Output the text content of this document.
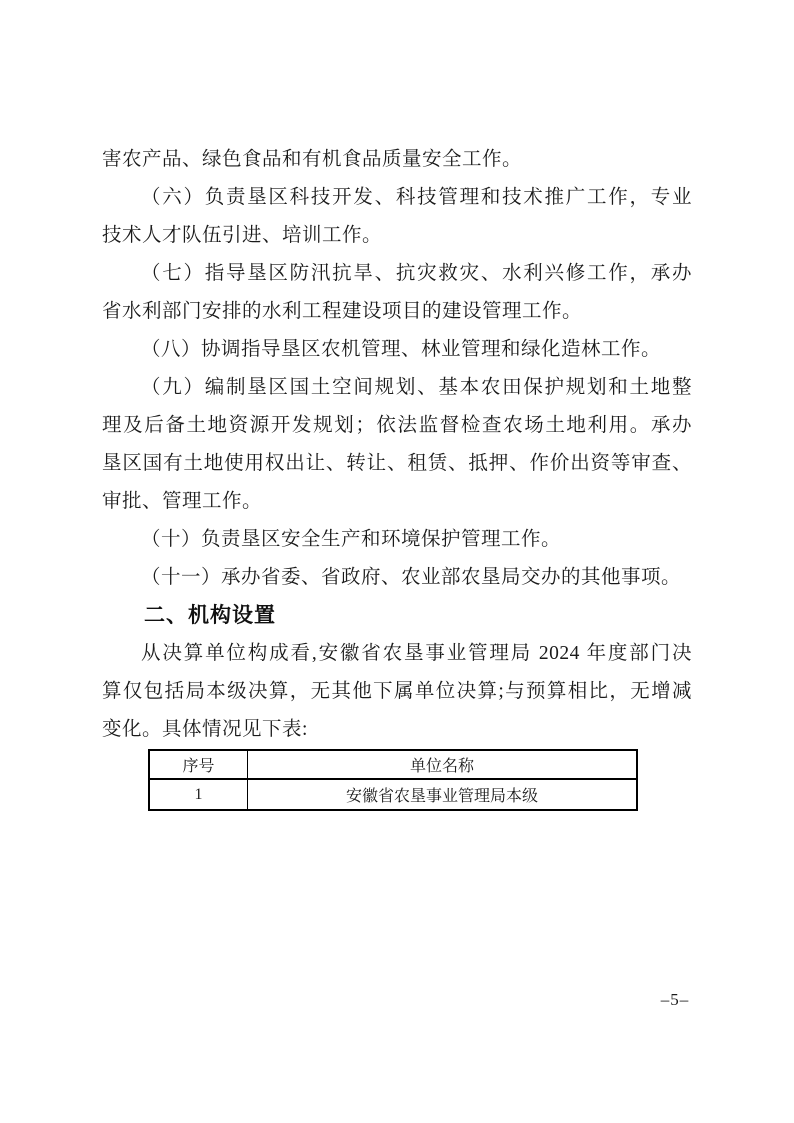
害农产品、绿色食品和有机食品质量安全工作。
（六）负责垦区科技开发、科技管理和技术推广工作，专业
技术人才队伍引进、培训工作。
（七）指导垦区防汛抗旱、抗灾救灾、水利兴修工作，承办
省水利部门安排的水利工程建设项目的建设管理工作。
（八）协调指导垦区农机管理、林业管理和绿化造林工作。
（九）编制垦区国土空间规划、基本农田保护规划和土地整
理及后备土地资源开发规划；依法监督检查农场土地利用。承办
垦区国有土地使用权出让、转让、租赁、抵押、作价出资等审查、
审批、管理工作。
（十）负责垦区安全生产和环境保护管理工作。
（十一）承办省委、省政府、农业部农垦局交办的其他事项。
二、机构设置
从决算单位构成看,安徽省农垦事业管理局 2024 年度部门决
算仅包括局本级决算，无其他下属单位决算;与预算相比，无增减
变化。具体情况见下表:
序号	单位名称
1	安徽省农垦事业管理局本级
–5–
